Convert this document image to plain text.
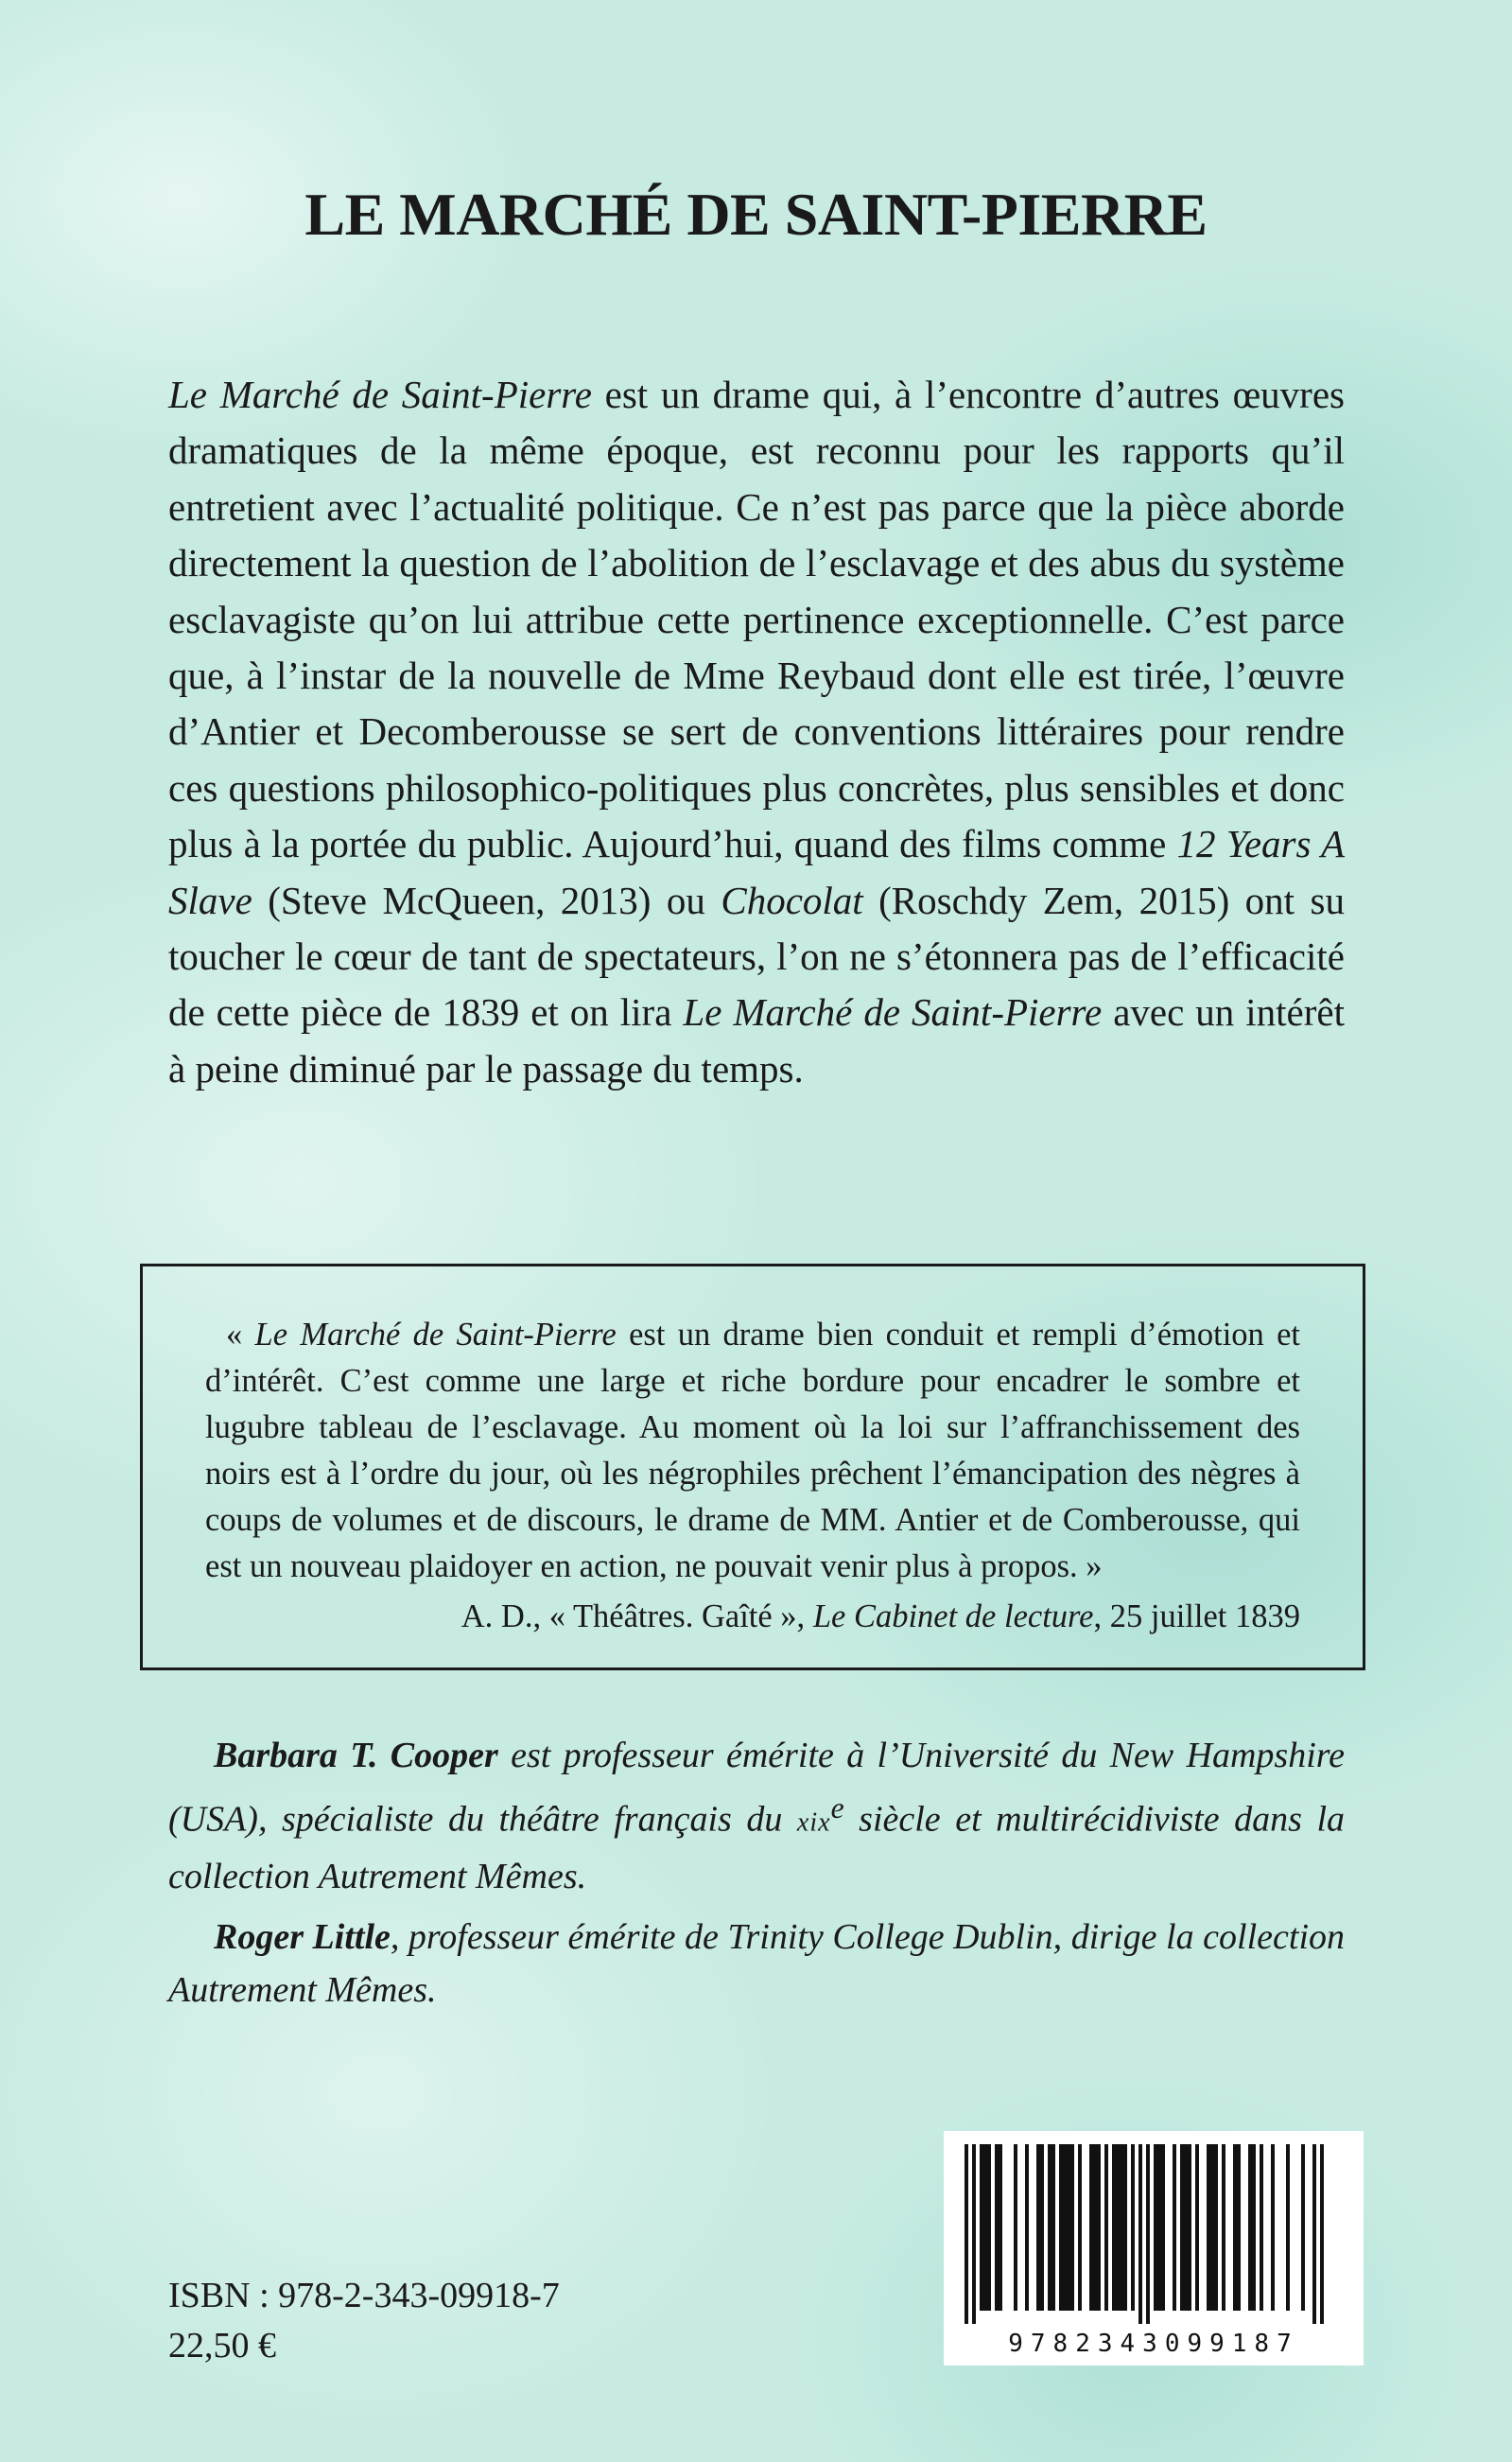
LE MARCHÉ DE SAINT-PIERRE

Le Marché de Saint-Pierre est un drame qui, à l’encontre d’autres œuvres dramatiques de la même époque, est reconnu pour les rapports qu’il entretient avec l’actualité politique. Ce n’est pas parce que la pièce aborde directement la question de l’abolition de l’esclavage et des abus du système esclavagiste qu’on lui attribue cette pertinence exceptionnelle. C’est parce que, à l’instar de la nouvelle de Mme Reybaud dont elle est tirée, l’œuvre d’Antier et Decomberousse se sert de conventions littéraires pour rendre ces questions philosophico-politiques plus concrètes, plus sensibles et donc plus à la portée du public. Aujourd’hui, quand des films comme 12 Years A Slave (Steve McQueen, 2013) ou Chocolat (Roschdy Zem, 2015) ont su toucher le cœur de tant de spectateurs, l’on ne s’étonnera pas de l’efficacité de cette pièce de 1839 et on lira Le Marché de Saint-Pierre avec un intérêt à peine diminué par le passage du temps.

« Le Marché de Saint-Pierre est un drame bien conduit et rempli d’émotion et d’intérêt. C’est comme une large et riche bordure pour encadrer le sombre et lugubre tableau de l’esclavage. Au moment où la loi sur l’affranchissement des noirs est à l’ordre du jour, où les négrophiles prêchent l’émancipation des nègres à coups de volumes et de discours, le drame de MM. Antier et de Comberousse, qui est un nouveau plaidoyer en action, ne pouvait venir plus à propos. »

A. D., « Théâtres. Gaîté », Le Cabinet de lecture, 25 juillet 1839

Barbara T. Cooper est professeur émérite à l’Université du New Hampshire (USA), spécialiste du théâtre français du xix$^e$ siècle et multirécidiviste dans la collection Autrement Mêmes.

Roger Little, professeur émérite de Trinity College Dublin, dirige la collection Autrement Mêmes.

ISBN : 978-2-343-09918-7
22,50 €	9782343099187
